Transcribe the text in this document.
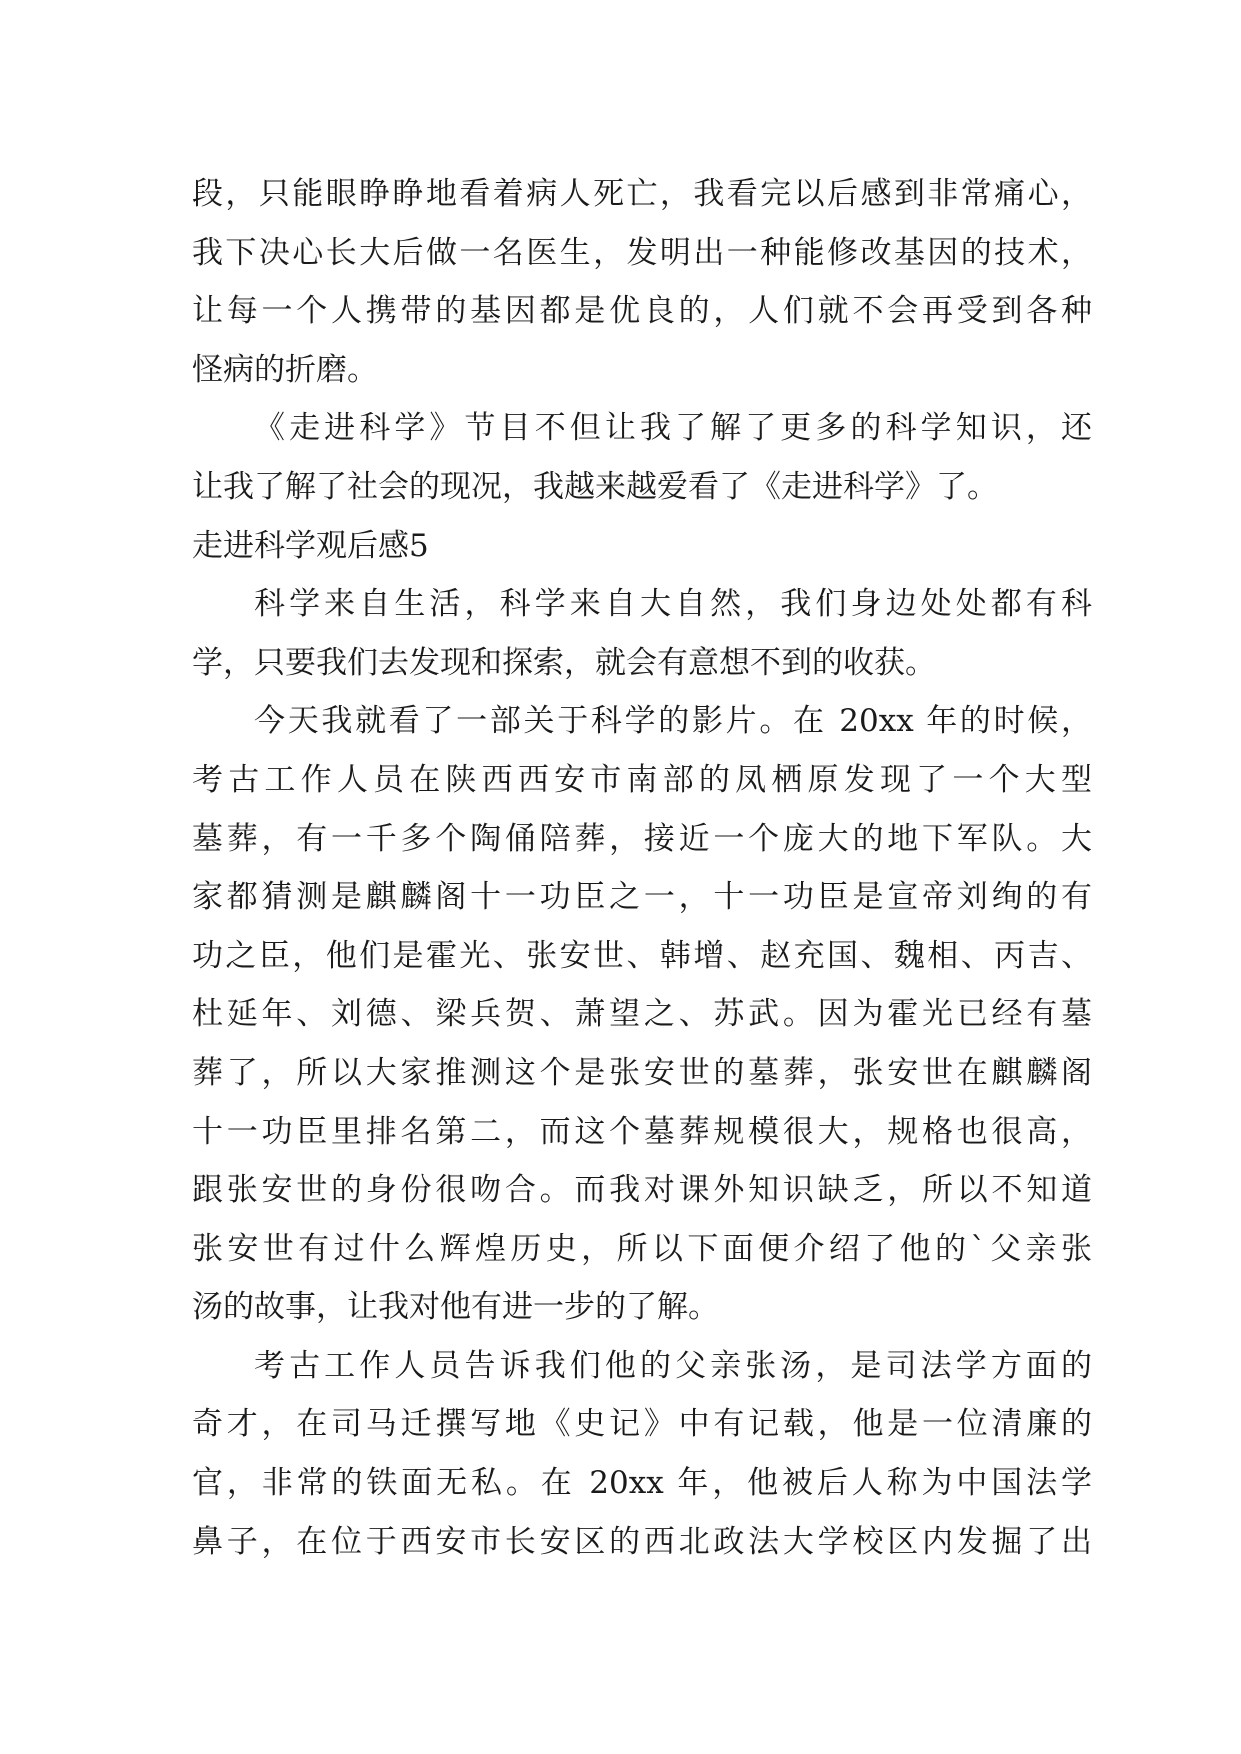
段，只能眼睁睁地看着病人死亡，我看完以后感到非常痛心，
我下决心长大后做一名医生，发明出一种能修改基因的技术，
让每一个人携带的基因都是优良的，人们就不会再受到各种
怪病的折磨。
《走进科学》节目不但让我了解了更多的科学知识，还
让我了解了社会的现况，我越来越爱看了《走进科学》了。
走进科学观后感5
科学来自生活，科学来自大自然，我们身边处处都有科
学，只要我们去发现和探索，就会有意想不到的收获。
今天我就看了一部关于科学的影片。在 20xx 年的时候，
考古工作人员在陕西西安市南部的凤栖原发现了一个大型
墓葬，有一千多个陶俑陪葬，接近一个庞大的地下军队。大
家都猜测是麒麟阁十一功臣之一，十一功臣是宣帝刘绚的有
功之臣，他们是霍光、张安世、韩增、赵充国、魏相、丙吉、
杜延年、刘德、梁兵贺、萧望之、苏武。因为霍光已经有墓
葬了，所以大家推测这个是张安世的墓葬，张安世在麒麟阁
十一功臣里排名第二，而这个墓葬规模很大，规格也很高，
跟张安世的身份很吻合。而我对课外知识缺乏，所以不知道
张安世有过什么辉煌历史，所以下面便介绍了他的`父亲张
汤的故事，让我对他有进一步的了解。
考古工作人员告诉我们他的父亲张汤，是司法学方面的
奇才，在司马迁撰写地《史记》中有记载，他是一位清廉的
官，非常的铁面无私。在 20xx 年，他被后人称为中国法学
鼻子，在位于西安市长安区的西北政法大学校区内发掘了出
